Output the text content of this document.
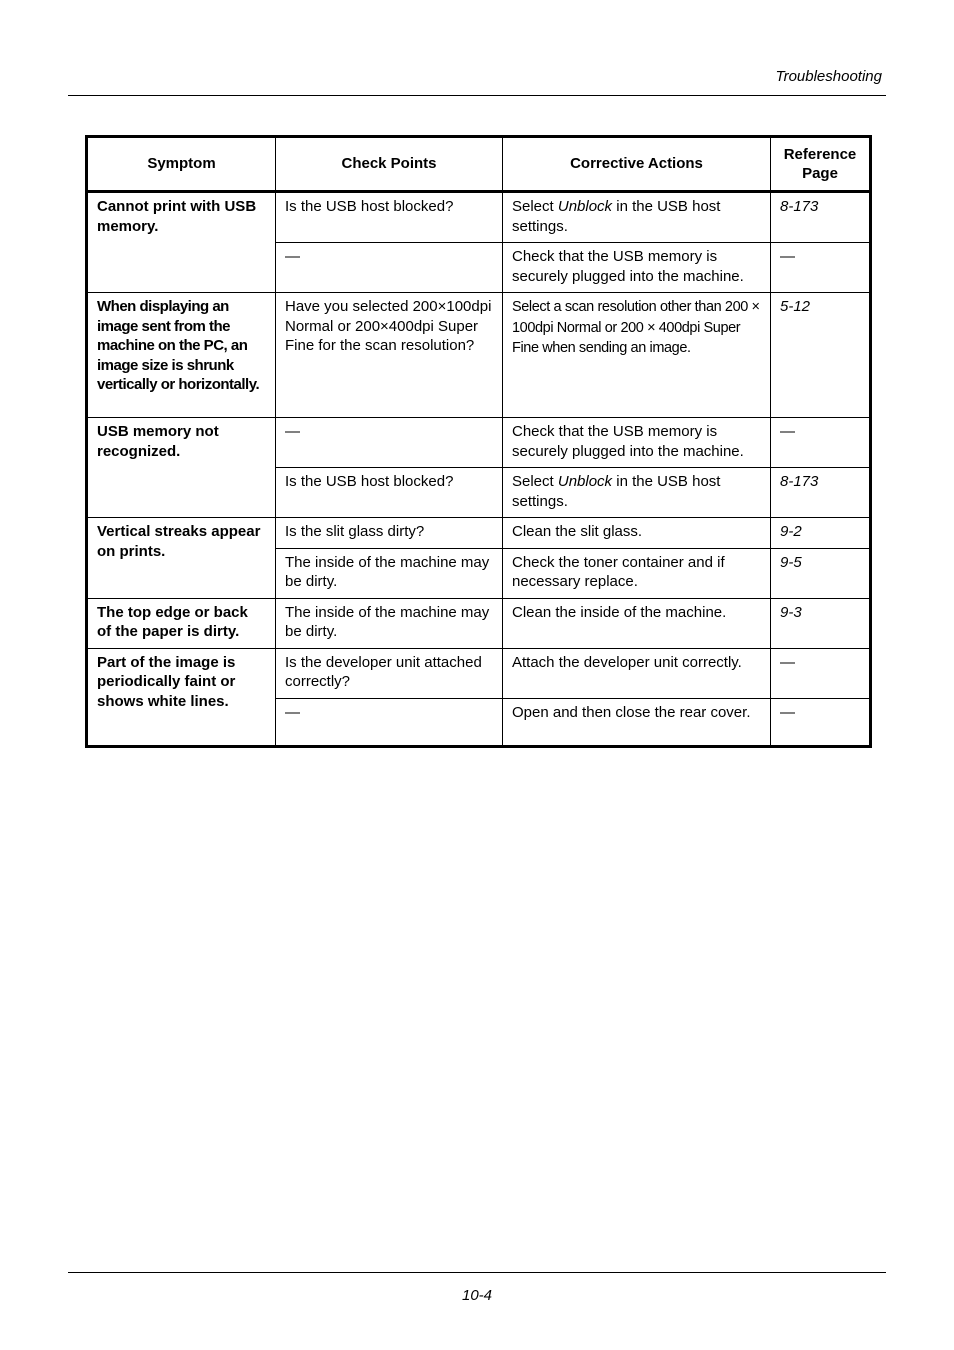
Troubleshooting
Symptom	Check Points	Corrective Actions	Reference Page
Cannot print with USB memory.	Is the USB host blocked?	Select Unblock in the USB host settings.	8-173
	—	Check that the USB memory is securely plugged into the machine.	—
When displaying an image sent from the machine on the PC, an image size is shrunk vertically or horizontally.	Have you selected 200×100dpi Normal or 200×400dpi Super Fine for the scan resolution?	Select a scan resolution other than 200 × 100dpi Normal or 200 × 400dpi Super Fine when sending an image.	5-12
USB memory not recognized.	—	Check that the USB memory is securely plugged into the machine.	—
	Is the USB host blocked?	Select Unblock in the USB host settings.	8-173
Vertical streaks appear on prints.	Is the slit glass dirty?	Clean the slit glass.	9-2
	The inside of the machine may be dirty.	Check the toner container and if necessary replace.	9-5
The top edge or back of the paper is dirty.	The inside of the machine may be dirty.	Clean the inside of the machine.	9-3
Part of the image is periodically faint or shows white lines.	Is the developer unit attached correctly?	Attach the developer unit correctly.	—
	—	Open and then close the rear cover.	—
10-4
